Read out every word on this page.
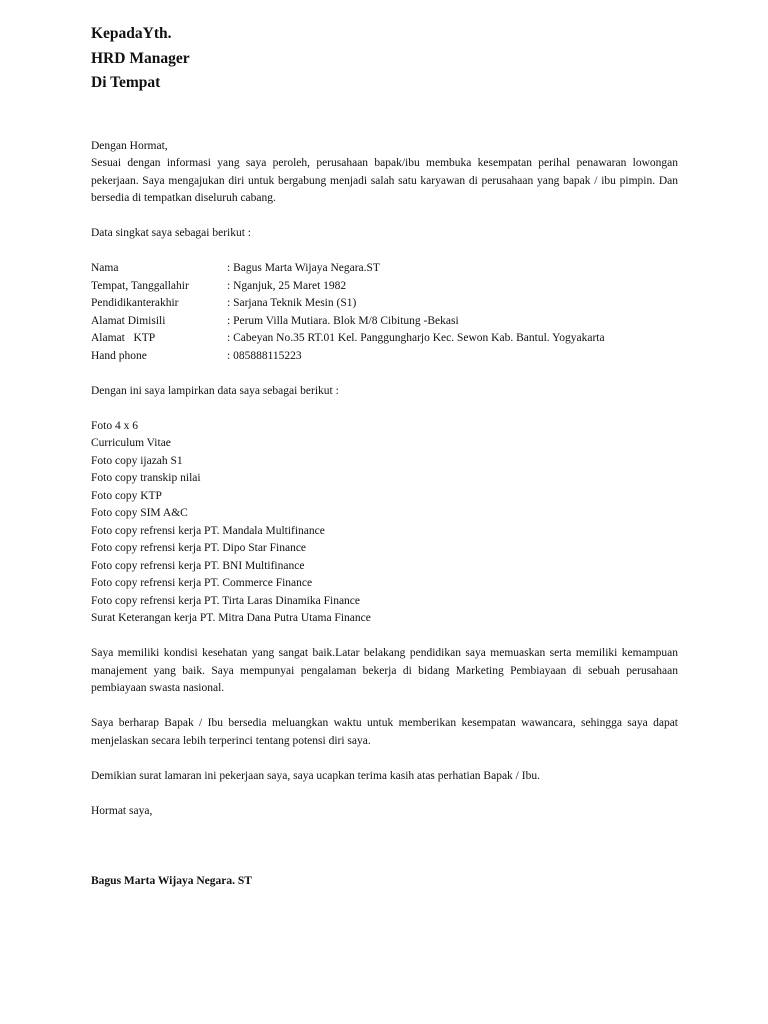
KepadaYth.

HRD Manager

Di Tempat

Dengan Hormat,

Sesuai dengan informasi yang saya peroleh, perusahaan bapak/ibu membuka kesempatan perihal penawaran lowongan pekerjaan. Saya mengajukan diri untuk bergabung menjadi salah satu karyawan di perusahaan yang bapak / ibu pimpin. Dan bersedia di tempatkan diseluruh cabang.

Data singkat saya sebagai berikut :

Nama	: Bagus Marta Wijaya Negara.ST
Tempat, Tanggallahir	: Nganjuk, 25 Maret 1982
Pendidikanterakhir	: Sarjana Teknik Mesin (S1)
Alamat Dimisili	: Perum Villa Mutiara. Blok M/8 Cibitung -Bekasi
Alamat   KTP	: Cabeyan No.35 RT.01 Kel. Panggungharjo Kec. Sewon Kab. Bantul. Yogyakarta
Hand phone	: 085888115223

Dengan ini saya lampirkan data saya sebagai berikut :

Foto 4 x 6

Curriculum Vitae

Foto copy ijazah S1

Foto copy transkip nilai

Foto copy KTP

Foto copy SIM A&C

Foto copy refrensi kerja PT. Mandala Multifinance

Foto copy refrensi kerja PT. Dipo Star Finance

Foto copy refrensi kerja PT. BNI Multifinance

Foto copy refrensi kerja PT. Commerce Finance

Foto copy refrensi kerja PT. Tirta Laras Dinamika Finance

Surat Keterangan kerja PT. Mitra Dana Putra Utama Finance

Saya memiliki kondisi kesehatan yang sangat baik.Latar belakang pendidikan saya memuaskan serta memiliki kemampuan manajement yang baik. Saya mempunyai pengalaman bekerja di bidang Marketing Pembiayaan di sebuah perusahaan pembiayaan swasta nasional.

Saya berharap Bapak / Ibu bersedia meluangkan waktu untuk memberikan kesempatan wawancara, sehingga saya dapat menjelaskan secara lebih terperinci tentang potensi diri saya.

Demikian surat lamaran ini pekerjaan saya, saya ucapkan terima kasih atas perhatian Bapak / Ibu.

Hormat saya,

Bagus Marta Wijaya Negara. ST
